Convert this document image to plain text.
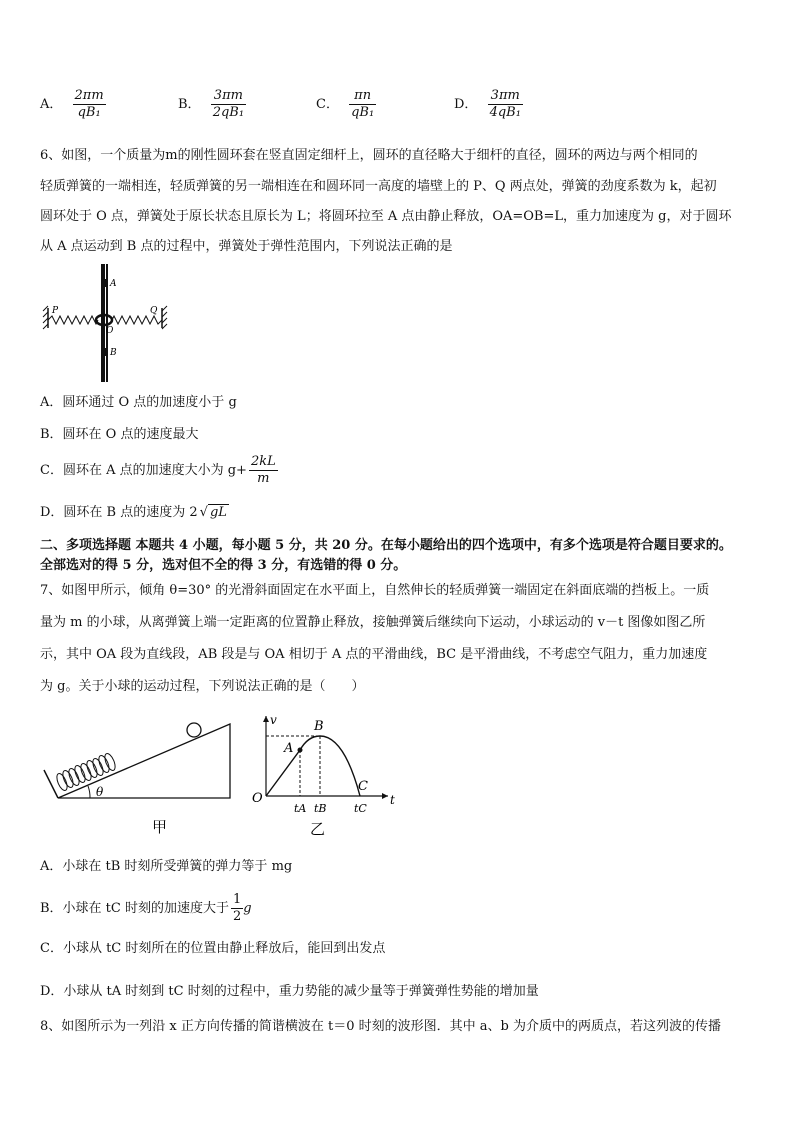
A． $\frac{2\pi m}{\text{qB₁}}$	B． $\frac{3\pi m}{\text{2qB₁}}$	C． $\frac{\pi n}{\text{qB₁}}$	D． $\frac{3\pi m}{\text{4qB₁}}$
6、如图，一个质量为m的刚性圆环套在竖直固定细杆上，圆环的直径略大于细杆的直径，圆环的两边与两个相同的
轻质弹簧的一端相连，轻质弹簧的另一端相连在和圆环同一高度的墙壁上的 P、Q 两点处，弹簧的劲度系数为 k，起初
圆环处于 O 点，弹簧处于原长状态且原长为 L；将圆环拉至 A 点由静止释放，OA=OB=L，重力加速度为 g，对于圆环
从 A 点运动到 B 点的过程中，弹簧处于弹性范围内，下列说法正确的是
P	Q
A
O
B
A．圆环通过 O 点的加速度小于 g
B．圆环在 O 点的速度最大
C．圆环在 A 点的加速度大小为 $g+ \frac{2kL}{m}$
D．圆环在 B 点的速度为 2 √ gL
二、多项选择题 本题共 4 小题，每小题 5 分，共 20 分。在每小题给出的四个选项中，有多个选项是符合题目要求的。
全部选对的得 5 分，选对但不全的得 3 分，有选错的得 0 分。
7、如图甲所示，倾角 θ=30° 的光滑斜面固定在水平面上，自然伸长的轻质弹簧一端固定在斜面底端的挡板上。一质
量为 m 的小球，从离弹簧上端一定距离的位置静止释放，接触弹簧后继续向下运动，小球运动的 v－t 图像如图乙所
示，其中 OA 段为直线段，AB 段是与 OA 相切于 A 点的平滑曲线，BC 是平滑曲线，不考虑空气阻力，重力加速度
为 g。关于小球的运动过程，下列说法正确的是（　　）
θ
甲
v
t
O
A
B
C
tA tB tC
乙
A．小球在 tB 时刻所受弹簧的弹力等于 mg
B．小球在 tC 时刻的加速度大于 $\frac{1}{2}$ g
C．小球从 tC 时刻所在的位置由静止释放后，能回到出发点
D．小球从 tA 时刻到 tC 时刻的过程中，重力势能的减少量等于弹簧弹性势能的增加量
8、如图所示为一列沿 x 正方向传播的简谐横波在 t＝0 时刻的波形图．其中 a、b 为介质中的两质点，若这列波的传播
